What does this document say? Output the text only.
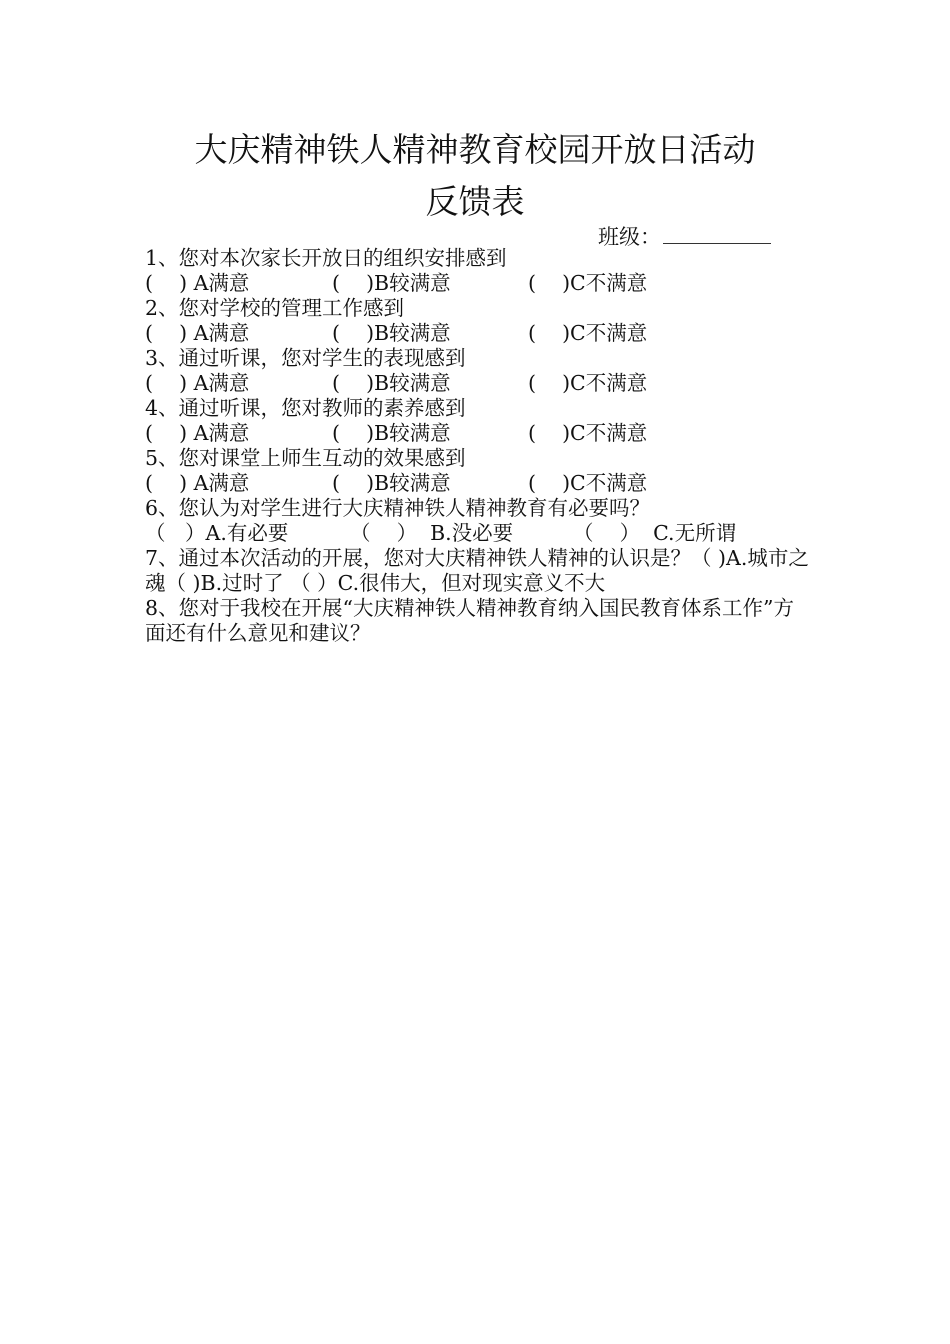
大庆精神铁人精神教育校园开放日活动
反馈表
班级：
1、您对本次家长开放日的组织安排感到
(    ) A满意	(    )B较满意	(    )C不满意
2、您对学校的管理工作感到
(    ) A满意	(    )B较满意	(    )C不满意
3、通过听课，您对学生的表现感到
(    ) A满意	(    )B较满意	(    )C不满意
4、通过听课，您对教师的素养感到
(    ) A满意	(    )B较满意	(    )C不满意
5、您对课堂上师生互动的效果感到
(    ) A满意	(    )B较满意	(    )C不满意
6、您认为对学生进行大庆精神铁人精神教育有必要吗？
（   ）A.有必要	（    ）  B.没必要	（    ）  C.无所谓
7、通过本次活动的开展，您对大庆精神铁人精神的认识是？（ )A.城市之魂（ )B.过时了 （ ）C.很伟大，但对现实意义不大
8、您对于我校在开展“大庆精神铁人精神教育纳入国民教育体系工作”方面还有什么意见和建议？
